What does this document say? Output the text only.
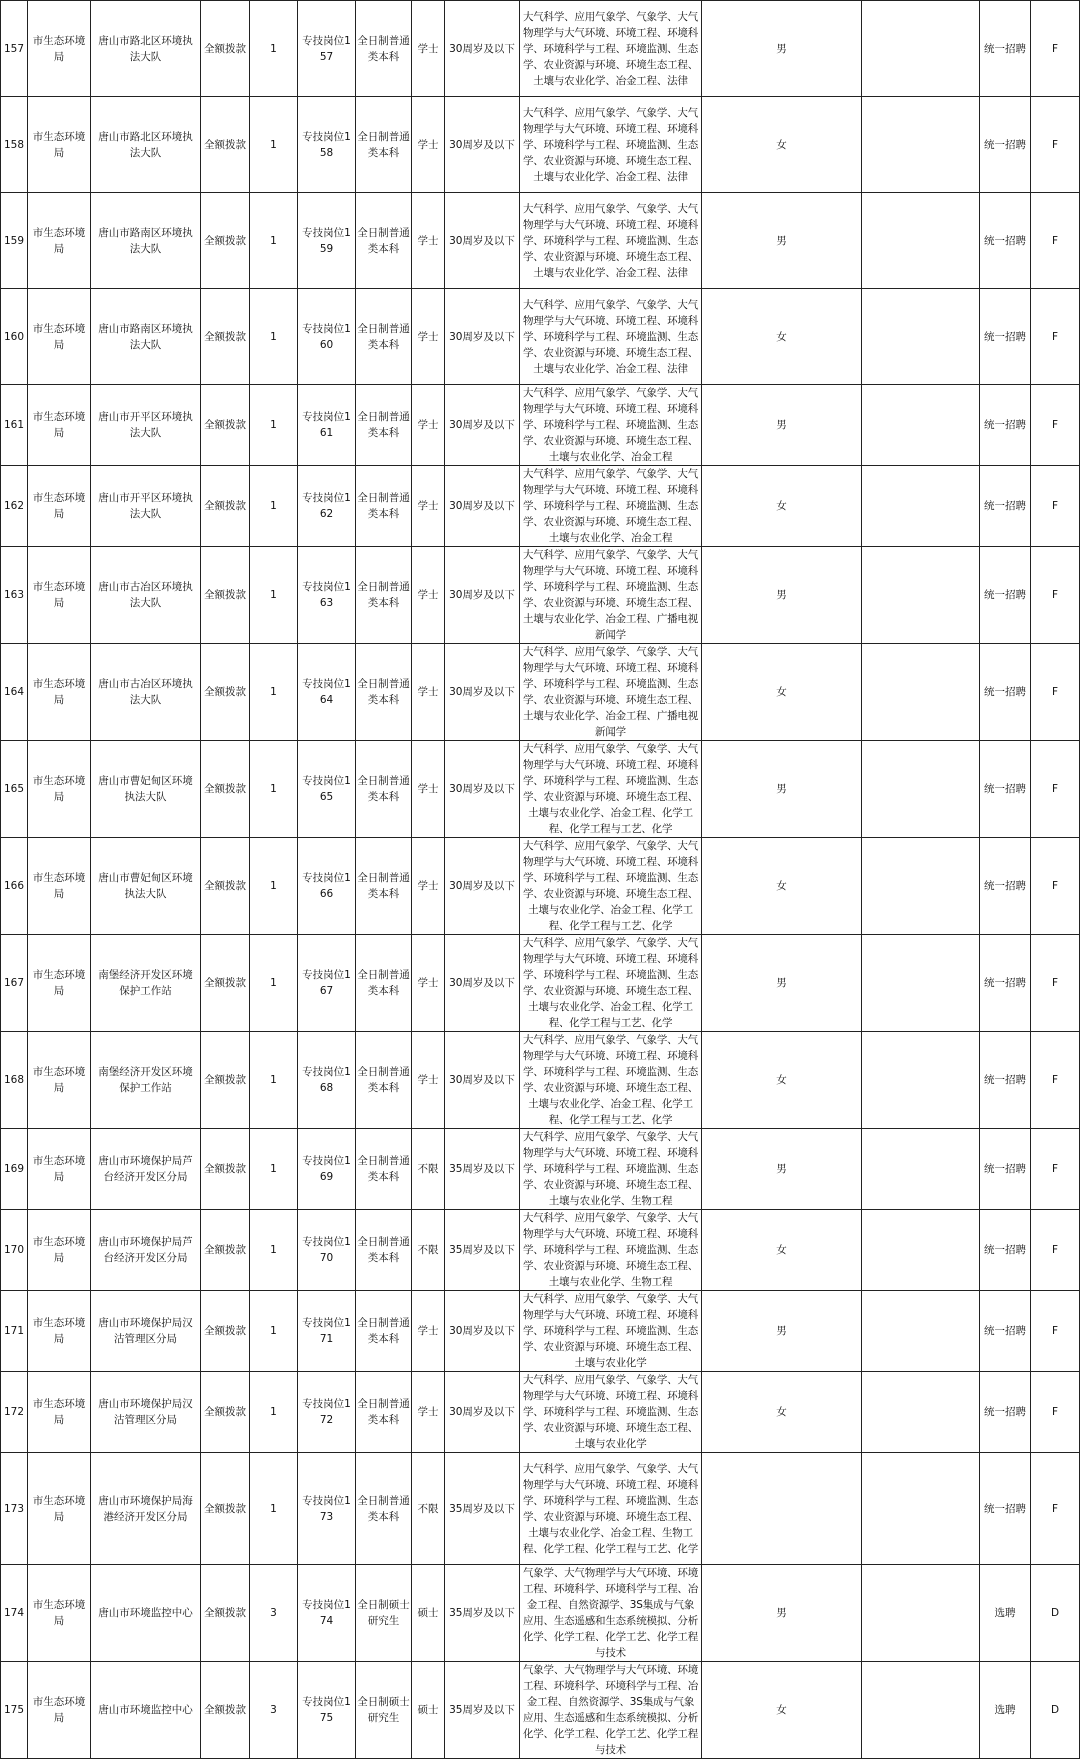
157	市生态环境局	唐山市路北区环境执法大队	全额拨款	1	专技岗位157	全日制普通类本科	学士	30周岁及以下	大气科学、应用气象学、气象学、大气物理学与大气环境、环境工程、环境科学、环境科学与工程、环境监测、生态学、农业资源与环境、环境生态工程、土壤与农业化学、冶金工程、法律	男		统一招聘	F
158	市生态环境局	唐山市路北区环境执法大队	全额拨款	1	专技岗位158	全日制普通类本科	学士	30周岁及以下	大气科学、应用气象学、气象学、大气物理学与大气环境、环境工程、环境科学、环境科学与工程、环境监测、生态学、农业资源与环境、环境生态工程、土壤与农业化学、冶金工程、法律	女		统一招聘	F
159	市生态环境局	唐山市路南区环境执法大队	全额拨款	1	专技岗位159	全日制普通类本科	学士	30周岁及以下	大气科学、应用气象学、气象学、大气物理学与大气环境、环境工程、环境科学、环境科学与工程、环境监测、生态学、农业资源与环境、环境生态工程、土壤与农业化学、冶金工程、法律	男		统一招聘	F
160	市生态环境局	唐山市路南区环境执法大队	全额拨款	1	专技岗位160	全日制普通类本科	学士	30周岁及以下	大气科学、应用气象学、气象学、大气物理学与大气环境、环境工程、环境科学、环境科学与工程、环境监测、生态学、农业资源与环境、环境生态工程、土壤与农业化学、冶金工程、法律	女		统一招聘	F
161	市生态环境局	唐山市开平区环境执法大队	全额拨款	1	专技岗位161	全日制普通类本科	学士	30周岁及以下	大气科学、应用气象学、气象学、大气物理学与大气环境、环境工程、环境科学、环境科学与工程、环境监测、生态学、农业资源与环境、环境生态工程、土壤与农业化学、冶金工程	男		统一招聘	F
162	市生态环境局	唐山市开平区环境执法大队	全额拨款	1	专技岗位162	全日制普通类本科	学士	30周岁及以下	大气科学、应用气象学、气象学、大气物理学与大气环境、环境工程、环境科学、环境科学与工程、环境监测、生态学、农业资源与环境、环境生态工程、土壤与农业化学、冶金工程	女		统一招聘	F
163	市生态环境局	唐山市古冶区环境执法大队	全额拨款	1	专技岗位163	全日制普通类本科	学士	30周岁及以下	大气科学、应用气象学、气象学、大气物理学与大气环境、环境工程、环境科学、环境科学与工程、环境监测、生态学、农业资源与环境、环境生态工程、土壤与农业化学、冶金工程、广播电视新闻学	男		统一招聘	F
164	市生态环境局	唐山市古冶区环境执法大队	全额拨款	1	专技岗位164	全日制普通类本科	学士	30周岁及以下	大气科学、应用气象学、气象学、大气物理学与大气环境、环境工程、环境科学、环境科学与工程、环境监测、生态学、农业资源与环境、环境生态工程、土壤与农业化学、冶金工程、广播电视新闻学	女		统一招聘	F
165	市生态环境局	唐山市曹妃甸区环境执法大队	全额拨款	1	专技岗位165	全日制普通类本科	学士	30周岁及以下	大气科学、应用气象学、气象学、大气物理学与大气环境、环境工程、环境科学、环境科学与工程、环境监测、生态学、农业资源与环境、环境生态工程、土壤与农业化学、冶金工程、化学工程、化学工程与工艺、化学	男		统一招聘	F
166	市生态环境局	唐山市曹妃甸区环境执法大队	全额拨款	1	专技岗位166	全日制普通类本科	学士	30周岁及以下	大气科学、应用气象学、气象学、大气物理学与大气环境、环境工程、环境科学、环境科学与工程、环境监测、生态学、农业资源与环境、环境生态工程、土壤与农业化学、冶金工程、化学工程、化学工程与工艺、化学	女		统一招聘	F
167	市生态环境局	南堡经济开发区环境保护工作站	全额拨款	1	专技岗位167	全日制普通类本科	学士	30周岁及以下	大气科学、应用气象学、气象学、大气物理学与大气环境、环境工程、环境科学、环境科学与工程、环境监测、生态学、农业资源与环境、环境生态工程、土壤与农业化学、冶金工程、化学工程、化学工程与工艺、化学	男		统一招聘	F
168	市生态环境局	南堡经济开发区环境保护工作站	全额拨款	1	专技岗位168	全日制普通类本科	学士	30周岁及以下	大气科学、应用气象学、气象学、大气物理学与大气环境、环境工程、环境科学、环境科学与工程、环境监测、生态学、农业资源与环境、环境生态工程、土壤与农业化学、冶金工程、化学工程、化学工程与工艺、化学	女		统一招聘	F
169	市生态环境局	唐山市环境保护局芦台经济开发区分局	全额拨款	1	专技岗位169	全日制普通类本科	不限	35周岁及以下	大气科学、应用气象学、气象学、大气物理学与大气环境、环境工程、环境科学、环境科学与工程、环境监测、生态学、农业资源与环境、环境生态工程、土壤与农业化学、生物工程	男		统一招聘	F
170	市生态环境局	唐山市环境保护局芦台经济开发区分局	全额拨款	1	专技岗位170	全日制普通类本科	不限	35周岁及以下	大气科学、应用气象学、气象学、大气物理学与大气环境、环境工程、环境科学、环境科学与工程、环境监测、生态学、农业资源与环境、环境生态工程、土壤与农业化学、生物工程	女		统一招聘	F
171	市生态环境局	唐山市环境保护局汉沽管理区分局	全额拨款	1	专技岗位171	全日制普通类本科	学士	30周岁及以下	大气科学、应用气象学、气象学、大气物理学与大气环境、环境工程、环境科学、环境科学与工程、环境监测、生态学、农业资源与环境、环境生态工程、土壤与农业化学	男		统一招聘	F
172	市生态环境局	唐山市环境保护局汉沽管理区分局	全额拨款	1	专技岗位172	全日制普通类本科	学士	30周岁及以下	大气科学、应用气象学、气象学、大气物理学与大气环境、环境工程、环境科学、环境科学与工程、环境监测、生态学、农业资源与环境、环境生态工程、土壤与农业化学	女		统一招聘	F
173	市生态环境局	唐山市环境保护局海港经济开发区分局	全额拨款	1	专技岗位173	全日制普通类本科	不限	35周岁及以下	大气科学、应用气象学、气象学、大气物理学与大气环境、环境工程、环境科学、环境科学与工程、环境监测、生态学、农业资源与环境、环境生态工程、土壤与农业化学、冶金工程、生物工程、化学工程、化学工程与工艺、化学			统一招聘	F
174	市生态环境局	唐山市环境监控中心	全额拨款	3	专技岗位174	全日制硕士研究生	硕士	35周岁及以下	气象学、大气物理学与大气环境、环境工程、环境科学、环境科学与工程、冶金工程、自然资源学、3S集成与气象应用、生态遥感和生态系统模拟、分析化学、化学工程、化学工艺、化学工程与技术	男		选聘	D
175	市生态环境局	唐山市环境监控中心	全额拨款	3	专技岗位175	全日制硕士研究生	硕士	35周岁及以下	气象学、大气物理学与大气环境、环境工程、环境科学、环境科学与工程、冶金工程、自然资源学、3S集成与气象应用、生态遥感和生态系统模拟、分析化学、化学工程、化学工艺、化学工程与技术	女		选聘	D
